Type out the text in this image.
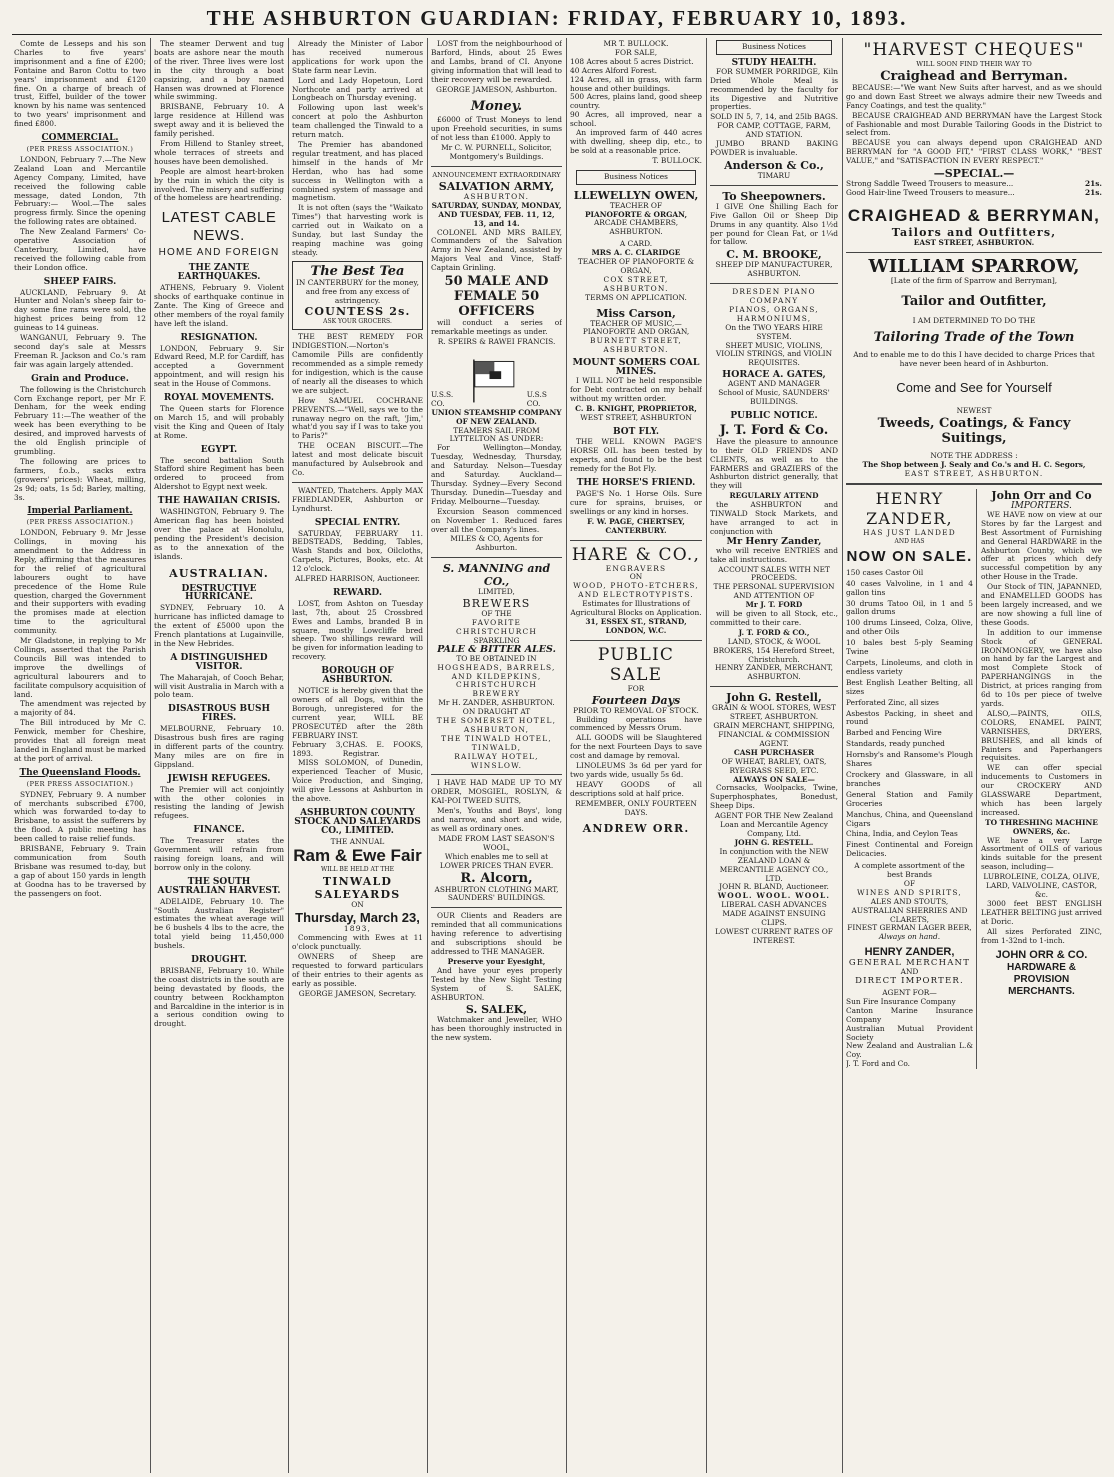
THE ASHBURTON GUARDIAN: FRIDAY, FEBRUARY 10, 1893.

Comte de Lesseps and his son Charles to five years' imprisonment and a fine of £200; Fontaine and Baron Cottu to two years' imprisonment and £120 fine. On a charge of breach of trust, Eiffel, builder of the tower known by his name was sentenced to two years' imprisonment and fined £800.

COMMERCIAL.
(PER PRESS ASSOCIATION.)

LONDON, February 7.—The New Zealand Loan and Mercantile Agency Company, Limited, have received the following cable message, dated London, 7th February:— Wool.—The sales progress firmly. Since the opening the following rates are obtained.

The New Zealand Farmers' Co-operative Association of Canterbury, Limited, have received the following cable from their London office.

SHEEP FAIRS.

AUCKLAND, February 9. At Hunter and Nolan's sheep fair to-day some fine rams were sold, the highest prices being from 12 guineas to 14 guineas.

WANGANUI, February 9. The second day's sale at Messrs Freeman R. Jackson and Co.'s ram fair was again largely attended.

Grain and Produce.

The following is the Christchurch Corn Exchange report, per Mr F. Denham, for the week ending February 11:—The weather of the week has been everything to be desired, and improved harvests of the old English principle of grumbling.

The following are prices to farmers, f.o.b., sacks extra (growers' prices): Wheat, milling, 2s 9d; oats, 1s 5d; Barley, malting, 3s.

Imperial Parliament.
(PER PRESS ASSOCIATION.)

LONDON, February 9. Mr Jesse Collings, in moving his amendment to the Address in Reply, affirming that the measures for the relief of agricultural labourers ought to have precedence of the Home Rule question, charged the Government and their supporters with evading the promises made at election time to the agricultural community.

Mr Gladstone, in replying to Mr Collings, asserted that the Parish Councils Bill was intended to improve the dwellings of agricultural labourers and to facilitate compulsory acquisition of land.

The amendment was rejected by a majority of 84.

The Bill introduced by Mr C. Fenwick, member for Cheshire, provides that all foreign meat landed in England must be marked at the port of arrival.

The Queensland Floods.
(PER PRESS ASSOCIATION.)

SYDNEY, February 9. A number of merchants subscribed £700, which was forwarded to-day to Brisbane, to assist the sufferers by the flood. A public meeting has been called to raise relief funds.

BRISBANE, February 9. Train communication from South Brisbane was resumed to-day, but a gap of about 150 yards in length at Goodna has to be traversed by the passengers on foot.

The steamer Derwent and tug boats are ashore near the mouth of the river. Three lives were lost in the city through a boat capsizing, and a boy named Hansen was drowned at Florence while swimming.

BRISBANE, February 10. A large residence at Hillend was swept away and it is believed the family perished.

From Hillend to Stanley street, whole terraces of streets and houses have been demolished.

People are almost heart-broken by the ruin in which the city is involved. The misery and suffering of the homeless are heartrending.

LATEST CABLE NEWS.
HOME AND FOREIGN
THE ZANTE EARTHQUAKES.

ATHENS, February 9. Violent shocks of earthquake continue in Zante. The King of Greece and other members of the royal family have left the island.

RESIGNATION.

LONDON, February 9. Sir Edward Reed, M.P. for Cardiff, has accepted a Government appointment, and will resign his seat in the House of Commons.

ROYAL MOVEMENTS.

The Queen starts for Florence on March 15, and will probably visit the King and Queen of Italy at Rome.

EGYPT.

The second battalion South Stafford shire Regiment has been ordered to proceed from Aldershot to Egypt next week.

THE HAWAIIAN CRISIS.

WASHINGTON, February 9. The American flag has been hoisted over the palace at Honolulu, pending the President's decision as to the annexation of the islands.

AUSTRALIAN.
DESTRUCTIVE HURRICANE.

SYDNEY, February 10. A hurricane has inflicted damage to the extent of £5000 upon the French plantations at Lugainville, in the New Hebrides.

A DISTINGUISHED VISITOR.

The Maharajah, of Cooch Behar, will visit Australia in March with a polo team.

DISASTROUS BUSH FIRES.

MELBOURNE, February 10. Disastrous bush fires are raging in different parts of the country. Many miles are on fire in Gippsland.

JEWISH REFUGEES.

The Premier will act conjointly with the other colonies in resisting the landing of Jewish refugees.

FINANCE.

The Treasurer states the Government will refrain from raising foreign loans, and will borrow only in the colony.

THE SOUTH AUSTRALIAN HARVEST.

ADELAIDE, February 10. The "South Australian Register" estimates the wheat average will be 6 bushels 4 lbs to the acre, the total yield being 11,450,000 bushels.

DROUGHT.

BRISBANE, February 10. While the coast districts in the south are being devastated by floods, the country between Rockhampton and Barcaldine in the interior is in a serious condition owing to drought.

Already the Minister of Labor has received numerous applications for work upon the State farm near Levin.

Lord and Lady Hopetoun, Lord Northcote and party arrived at Longbeach on Thursday evening.

Following upon last week's concert at polo the Ashburton team challenged the Tinwald to a return match.

The Premier has abandoned regular treatment, and has placed himself in the hands of Mr Herdan, who has had some success in Wellington with a combined system of massage and magnetism.

It is not often (says the "Waikato Times") that harvesting work is carried out in Waikato on a Sunday, but last Sunday the reaping machine was going steady.

The Best Tea
IN CANTERBURY for the money, and free from any excess of astringency.
COUNTESS 2s.
ASK YOUR GROCERS.

THE BEST REMEDY FOR INDIGESTION.—Norton's Camomile Pills are confidently recommended as a simple remedy for indigestion, which is the cause of nearly all the diseases to which we are subject.

How SAMUEL COCHRANE PREVENTS.—"Well, says we to the runaway negro on the raft, 'Jim,' what'd you say if I was to take you to Paris?"

THE OCEAN BISCUIT.—The latest and most delicate biscuit manufactured by Aulsebrook and Co.

WANTED, Thatchers. Apply MAX FRIEDLANDER, Ashburton or Lyndhurst.

SPECIAL ENTRY.

SATURDAY, FEBRUARY 11. BEDSTEADS, Bedding, Tables, Wash Stands and box, Oilcloths, Carpets, Pictures, Books, etc. At 12 o'clock.

ALFRED HARRISON, Auctioneer.
REWARD.

LOST, from Ashton on Tuesday last, 7th, about 25 Crossbred Ewes and Lambs, branded B in square, mostly Lowcliffe bred sheep. Two shillings reward will be given for information leading to recovery.

BOROUGH OF ASHBURTON.

NOTICE is hereby given that the owners of all Dogs, within the Borough, unregistered for the current year, WILL BE PROSECUTED after the 28th FEBRUARY INST.

February 3, 1893.
CHAS. E. FOOKS, Registrar.

MISS SOLOMON, of Dunedin, experienced Teacher of Music, Voice Production, and Singing, will give Lessons at Ashburton in the above.

ASHBURTON COUNTY STOCK AND SALEYARDS CO., LIMITED.
THE ANNUAL
Ram & Ewe Fair
WILL BE HELD AT THE
TINWALD SALEYARDS
ON
Thursday, March 23,
1893,

Commencing with Ewes at 11 o'clock punctually.

OWNERS of Sheep are requested to forward particulars of their entries to their agents as early as possible.

GEORGE JAMESON, Secretary.

LOST from the neighbourhood of Barford, Hinds, about 25 Ewes and Lambs, brand of CI. Anyone giving information that will lead to their recovery will be rewarded.

GEORGE JAMESON, Ashburton.
Money.

£6000 of Trust Moneys to lend upon Freehold securities, in sums of not less than £1000. Apply to

Mr C. W. PURNELL, Solicitor, Montgomery's Buildings.
ANNOUNCEMENT EXTRAORDINARY
SALVATION ARMY,
ASHBURTON.
SATURDAY, SUNDAY, MONDAY, AND TUESDAY, FEB. 11, 12, 13, and 14.

COLONEL AND MRS BAILEY, Commanders of the Salvation Army in New Zealand, assisted by Majors Veal and Vince, Staff-Captain Grinling.

50 MALE AND FEMALE 50 OFFICERS

will conduct a series of remarkable meetings as under.

R. SPEIRS & RAWEI FRANCIS.
U.S.S. CO.
U.S.S CO.
UNION STEAMSHIP COMPANY OF NEW ZEALAND.
TEAMERS SAIL FROM LYTTELTON AS UNDER:

For Wellington—Monday, Tuesday, Wednesday, Thursday, and Saturday. Nelson—Tuesday and Saturday. Auckland—Thursday. Sydney—Every Second Thursday. Dunedin—Tuesday and Friday. Melbourne—Tuesday.

Excursion Season commenced on November 1. Reduced fares over all the Company's lines.

MILES & CO, Agents for Ashburton.
S. MANNING and CO.,
LIMITED,
BREWERS
OF THE
FAVORITE CHRISTCHURCH
SPARKLING
PALE & BITTER ALES.
TO BE OBTAINED IN
HOGSHEADS, BARRELS, AND KILDEPKINS,
CHRISTCHURCH BREWERY
Mr H. ZANDER, ASHBURTON.
ON DRAUGHT AT
THE SOMERSET HOTEL, ASHBURTON,
THE TINWALD HOTEL, TINWALD,
RAILWAY HOTEL, WINSLOW.

I HAVE HAD MADE UP TO MY ORDER, MOSGIEL, ROSLYN, & KAI-POI TWEED SUITS,

Men's, Youths and Boys', long and narrow, and short and wide, as well as ordinary ones.

MADE FROM LAST SEASON'S WOOL,
Which enables me to sell at LOWER PRICES THAN EVER.
R. Alcorn,
ASHBURTON CLOTHING MART, SAUNDERS' BUILDINGS.

OUR Clients and Readers are reminded that all communications having reference to advertising and subscriptions should be addressed to THE MANAGER.

Preserve your Eyesight,

And have your eyes properly Tested by the New Sight Testing System of S. SALEK, ASHBURTON.

S. SALEK,

Watchmaker and Jeweller, WHO has been thoroughly instructed in the new system.

MR T. BULLOCK.
FOR SALE,
108 Acres about 5 acres District.
40 Acres Alford Forest.
124 Acres, all in grass, with farm house and other buildings.
500 Acres, plains land, good sheep country.
90 Acres, all improved, near a school.

An improved farm of 440 acres with dwelling, sheep dip, etc., to be sold at a reasonable price.

T. BULLOCK.
Business Notices
LLEWELLYN OWEN,
TEACHER OF
PIANOFORTE & ORGAN,
ARCADE CHAMBERS, ASHBURTON.
A CARD.
MRS A. C. CLARIDGE
TEACHER OF PIANOFORTE & ORGAN,
COX STREET, ASHBURTON.
TERMS ON APPLICATION.
Miss Carson,
TEACHER OF MUSIC,— PIANOFORTE AND ORGAN,
BURNETT STREET, ASHBURTON.
MOUNT SOMERS COAL MINES.

I WILL NOT be held responsible for Debt contracted on my behalf without my written order.

C. B. KNIGHT, PROPRIETOR,
WEST STREET, ASHBURTON
BOT FLY.

THE WELL KNOWN PAGE'S HORSE OIL has been tested by experts, and found to be the best remedy for the Bot Fly.

THE HORSE'S FRIEND.

PAGE'S No. 1 Horse Oils. Sure cure for sprains, bruises, or swellings or any kind in horses.

F. W. PAGE, CHERTSEY, CANTERBURY.
HARE & CO.,
ENGRAVERS
ON
WOOD, PHOTO-ETCHERS, AND ELECTROTYPISTS.
Estimates for Illustrations of Agricultural Blocks on Application.
31, ESSEX ST., STRAND, LONDON, W.C.
PUBLIC SALE
FOR
Fourteen Days
PRIOR TO REMOVAL OF STOCK.

Building operations have commenced by Messrs Orum.

ALL GOODS will be Slaughtered for the next Fourteen Days to save cost and damage by removal.

LINOLEUMS 3s 6d per yard for two yards wide, usually 5s 6d.

HEAVY GOODS of all descriptions sold at half price.

REMEMBER, ONLY FOURTEEN DAYS.
ANDREW ORR.
Business Notices
STUDY HEALTH.

FOR SUMMER PORRIDGE, Kiln Dried Whole Meal is recommended by the faculty for its Digestive and Nutritive properties.

SOLD IN 5, 7, 14, and 25lb BAGS.
FOR CAMP, COTTAGE, FARM, AND STATION.

JUMBO BRAND BAKING POWDER is invaluable.

Anderson & Co.,
TIMARU
To Sheepowners.

I GIVE One Shilling Each for Five Gallon Oil or Sheep Dip Drums in any quantity. Also 1½d per pound for Clean Fat, or 1¼d for tallow.

C. M. BROOKE,
SHEEP DIP MANUFACTURER, ASHBURTON.
DRESDEN PIANO COMPANY
PIANOS, ORGANS, HARMONIUMS,
On the TWO YEARS HIRE SYSTEM.
SHEET MUSIC, VIOLINS, VIOLIN STRINGS, and VIOLIN REQUISITES.
HORACE A. GATES,
AGENT AND MANAGER
School of Music, SAUNDERS' BUILDINGS.
PUBLIC NOTICE.
J. T. Ford & Co.

Have the pleasure to announce to their OLD FRIENDS AND CLIENTS, as well as to the FARMERS and GRAZIERS of the Ashburton district generally, that they will

REGULARLY ATTEND

the ASHBURTON and TINWALD Stock Markets, and have arranged to act in conjunction with

Mr Henry Zander,

who will receive ENTRIES and take all instructions.

ACCOUNT SALES WITH NET PROCEEDS.
THE PERSONAL SUPERVISION AND ATTENTION OF
Mr J. T. FORD

will be given to all Stock, etc., committed to their care.

J. T. FORD & CO.,
LAND, STOCK, & WOOL BROKERS, 154 Hereford Street, Christchurch.
HENRY ZANDER, MERCHANT, ASHBURTON.
John G. Restell,
GRAIN & WOOL STORES, WEST STREET, ASHBURTON.
GRAIN MERCHANT, SHIPPING, FINANCIAL & COMMISSION AGENT.
CASH PURCHASER
OF WHEAT, BARLEY, OATS, RYEGRASS SEED, ETC.
ALWAYS ON SALE—

Cornsacks, Woolpacks, Twine, Superphosphates, Bonedust, Sheep Dips.

AGENT FOR THE New Zealand Loan and Mercantile Agency Company, Ltd.
JOHN G. RESTELL.
In conjunction with the NEW ZEALAND LOAN & MERCANTILE AGENCY CO., LTD.
JOHN R. BLAND, Auctioneer.
WOOL. WOOL. WOOL.
LIBERAL CASH ADVANCES MADE AGAINST ENSUING CLIPS.
LOWEST CURRENT RATES OF INTEREST.
"HARVEST CHEQUES"
WILL SOON FIND THEIR WAY TO
Craighead and Berryman.

BECAUSE:—"We want New Suits after harvest, and as we should go and down East Street we always admire their new Tweeds and Fancy Coatings, and test the quality."

BECAUSE CRAIGHEAD AND BERRYMAN have the Largest Stock of Fashionable and most Durable Tailoring Goods in the District to select from.

BECAUSE you can always depend upon CRAIGHEAD AND BERRYMAN for "A GOOD FIT," "FIRST CLASS WORK," "BEST VALUE," and "SATISFACTION IN EVERY RESPECT."

—SPECIAL.—
Strong Saddle Tweed Trousers to measure...	21s.
Good Hair-line Tweed Trousers to measure...	21s.
CRAIGHEAD & BERRYMAN,
Tailors and Outfitters,
EAST STREET, ASHBURTON.
WILLIAM SPARROW,
[Late of the firm of Sparrow and Berryman],
Tailor and Outfitter,
I AM DETERMINED TO DO THE
Tailoring Trade of the Town
And to enable me to do this I have decided to charge Prices that have never been heard of in Ashburton.
Come and See for Yourself
NEWEST
Tweeds, Coatings, & Fancy Suitings,
NOTE THE ADDRESS :
The Shop between J. Sealy and Co.'s and H. C. Segors,
EAST STREET, ASHBURTON.
HENRY ZANDER,
HAS JUST LANDED
AND HAS
NOW ON SALE.
150 cases Castor Oil
40 cases Valvoline, in 1 and 4 gallon tins
30 drums Tatoo Oil, in 1 and 5 gallon drums
100 drums Linseed, Colza, Olive, and other Oils
10 bales best 5-ply Seaming Twine
Carpets, Linoleums, and cloth in endless variety
Best English Leather Belting, all sizes
Perforated Zinc, all sizes
Asbestos Packing, in sheet and round
Barbed and Fencing Wire
Standards, ready punched
Hornsby's and Ransome's Plough Shares
Crockery and Glassware, in all branches
General Station and Family Groceries
Manchus, China, and Queensland Cigars
China, India, and Ceylon Teas
Finest Continental and Foreign Delicacies.
A complete assortment of the best Brands
OF
WINES AND SPIRITS,
ALES AND STOUTS,
AUSTRALIAN SHERRIES AND CLARETS,
FINEST GERMAN LAGER BEER,
Always on hand.
HENRY ZANDER,
GENERAL MERCHANT
AND
DIRECT IMPORTER.
AGENT FOR—
Sun Fire Insurance Company
Canton Marine Insurance Company
Australian Mutual Provident Society
New Zealand and Australian L.& Coy.
J. T. Ford and Co.
John Orr and Co
IMPORTERS.

WE HAVE now on view at our Stores by far the Largest and Best Assortment of Furnishing and General HARDWARE in the Ashburton County, which we offer at prices which defy successful competition by any other House in the Trade.

Our Stock of TIN, JAPANNED, and ENAMELLED GOODS has been largely increased, and we are now showing a full line of these Goods.

In addition to our immense Stock of GENERAL IRONMONGERY, we have also on hand by far the Largest and most Complete Stock of PAPERHANGINGS in the District, at prices ranging from 6d to 10s per piece of twelve yards.

ALSO,—PAINTS, OILS, COLORS, ENAMEL PAINT, VARNISHES, DRYERS, BRUSHES, and all kinds of Painters and Paperhangers requisites.

WE can offer special inducements to Customers in our CROCKERY AND GLASSWARE Department, which has been largely increased.

TO THRESHING MACHINE OWNERS, &c.

WE have a very Large Assortment of OILS of various kinds suitable for the present season, including—

LUBROLEINE, COLZA, OLIVE, LARD, VALVOLINE, CASTOR, &c.

3000 feet BEST ENGLISH LEATHER BELTING just arrived at Doric.

All sizes Perforated ZINC, from 1-32nd to 1-inch.

JOHN ORR & CO.
HARDWARE & PROVISION MERCHANTS.
